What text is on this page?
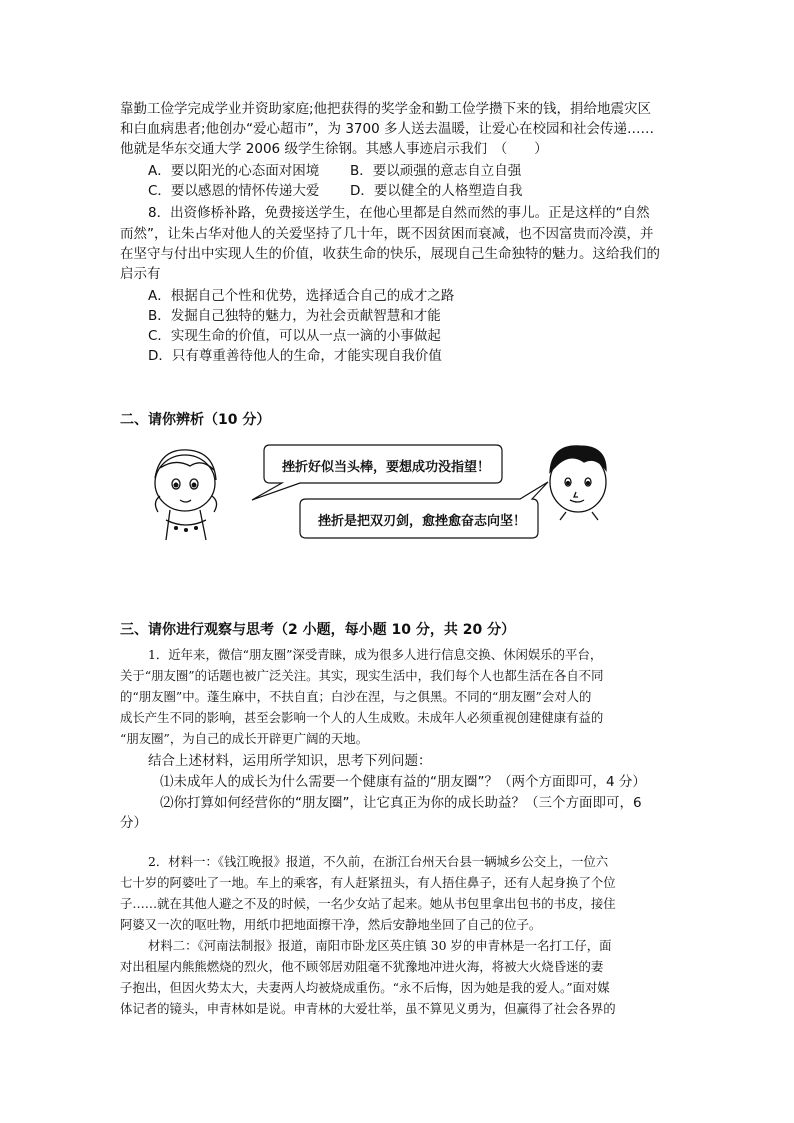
靠勤工俭学完成学业并资助家庭;他把获得的奖学金和勤工俭学攒下来的钱，捐给地震灾区
和白血病患者;他创办“爱心超市”，为 3700 多人送去温暖，让爱心在校园和社会传递……
他就是华东交通大学 2006 级学生徐钢。其感人事迹启示我们　（　　）
A．要以阳光的心态面对困境 B．要以顽强的意志自立自强
C．要以感恩的情怀传递大爱 D．要以健全的人格塑造自我
8．出资修桥补路，免费接送学生，在他心里都是自然而然的事儿。正是这样的“自然
而然”，让朱占华对他人的关爱坚持了几十年，既不因贫困而衰减，也不因富贵而冷漠，并
在坚守与付出中实现人生的价值，收获生命的快乐，展现自己生命独特的魅力。这给我们的
启示有
A．根据自己个性和优势，选择适合自己的成才之路
B．发掘自己独特的魅力，为社会贡献智慧和才能
C．实现生命的价值，可以从一点一滴的小事做起
D．只有尊重善待他人的生命，才能实现自我价值
二、请你辨析（10 分）
挫折好似当头棒，要想成功没指望！
挫折是把双刃剑，愈挫愈奋志向坚！
三、请你进行观察与思考（2 小题，每小题 10 分，共 20 分）
1．近年来，微信“朋友圈”深受青睐，成为很多人进行信息交换、休闲娱乐的平台，
关于“朋友圈”的话题也被广泛关注。其实，现实生活中，我们每个人也都生活在各自不同
的“朋友圈”中。蓬生麻中，不扶自直；白沙在涅，与之俱黑。不同的“朋友圈”会对人的
成长产生不同的影响，甚至会影响一个人的人生成败。未成年人必须重视创建健康有益的
“朋友圈”，为自己的成长开辟更广阔的天地。
结合上述材料，运用所学知识，思考下列问题：
⑴未成年人的成长为什么需要一个健康有益的“朋友圈”？（两个方面即可，4 分）
⑵你打算如何经营你的“朋友圈”，让它真正为你的成长助益？（三个方面即可，6
分）
2．材料一：《钱江晚报》报道，不久前，在浙江台州天台县一辆城乡公交上，一位六
七十岁的阿婆吐了一地。车上的乘客，有人赶紧扭头，有人捂住鼻子，还有人起身换了个位
子……就在其他人避之不及的时候，一名少女站了起来。她从书包里拿出包书的书皮，接住
阿婆又一次的呕吐物，用纸巾把地面擦干净，然后安静地坐回了自己的位子。
材料二：《河南法制报》报道，南阳市卧龙区英庄镇 30 岁的申青林是一名打工仔，面
对出租屋内熊熊燃烧的烈火，他不顾邻居劝阻毫不犹豫地冲进火海，将被大火烧昏迷的妻
子抱出，但因火势太大，夫妻两人均被烧成重伤。“永不后悔，因为她是我的爱人。”面对媒
体记者的镜头，申青林如是说。申青林的大爱壮举，虽不算见义勇为，但赢得了社会各界的
